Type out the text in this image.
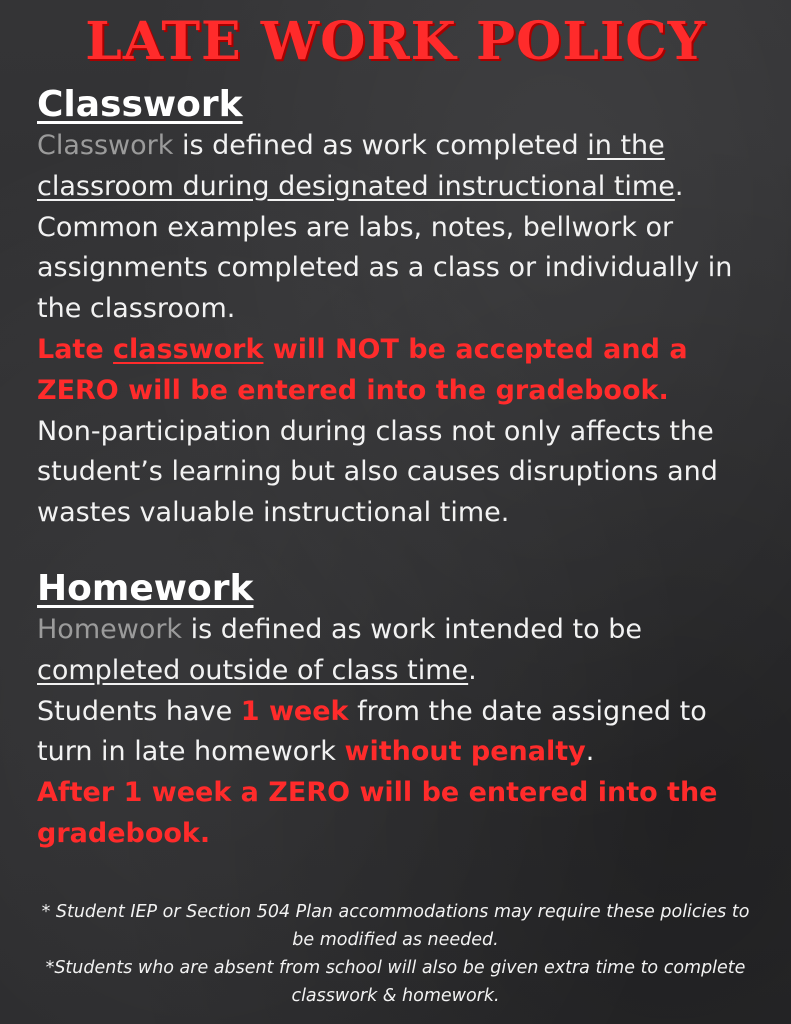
LATE WORK POLICY
Classwork

Classwork is defined as work completed in the classroom during designated instructional time.

Common examples are labs, notes, bellwork or assignments completed as a class or individually in the classroom.

Late classwork will NOT be accepted and a ZERO will be entered into the gradebook.

Non-participation during class not only affects the student’s learning but also causes disruptions and wastes valuable instructional time.

Homework

Homework is defined as work intended to be completed outside of class time.

Students have 1 week from the date assigned to turn in late homework without penalty.

After 1 week a ZERO will be entered into the gradebook.

* Student IEP or Section 504 Plan accommodations may require these policies to be modified as needed.

*Students who are absent from school will also be given extra time to complete classwork & homework.
